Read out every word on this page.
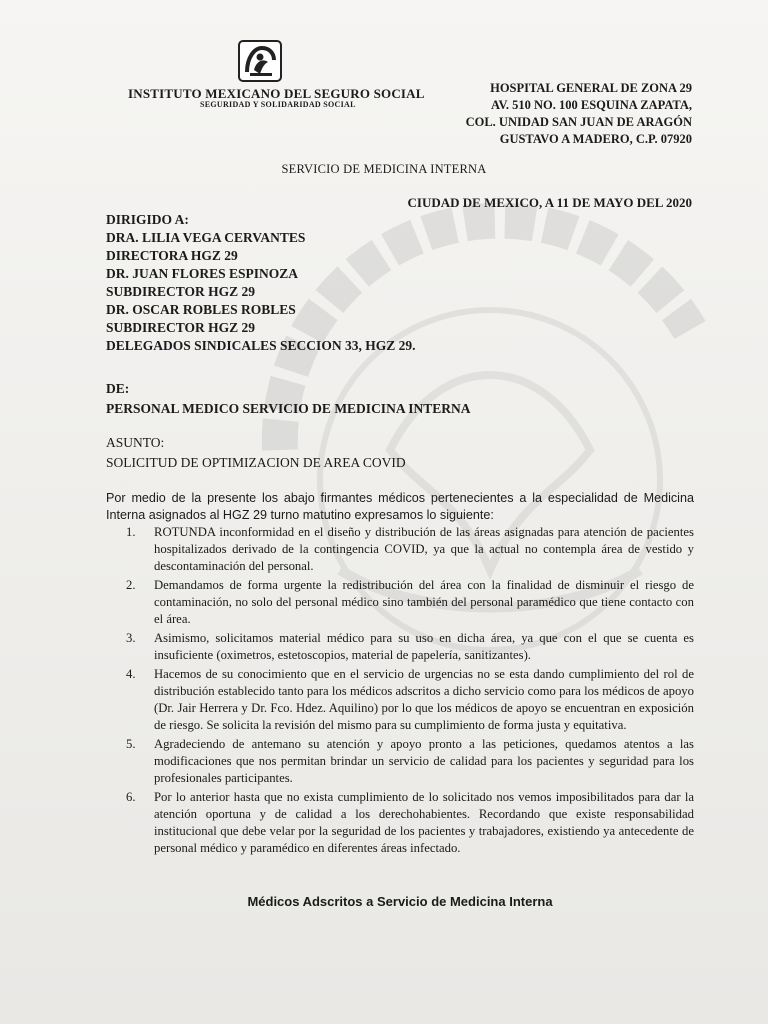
INSTITUTO MEXICANO DEL SEGURO SOCIAL
SEGURIDAD Y SOLIDARIDAD SOCIAL
HOSPITAL GENERAL DE ZONA 29
AV. 510 NO. 100 ESQUINA ZAPATA,
COL. UNIDAD SAN JUAN DE ARAGÓN
GUSTAVO A MADERO, C.P. 07920
SERVICIO DE MEDICINA INTERNA
CIUDAD DE MEXICO, A 11 DE MAYO DEL 2020
DIRIGIDO A:
DRA. LILIA VEGA CERVANTES
DIRECTORA HGZ 29
DR. JUAN FLORES ESPINOZA
SUBDIRECTOR HGZ 29
DR. OSCAR ROBLES ROBLES
SUBDIRECTOR HGZ 29
DELEGADOS SINDICALES SECCION 33, HGZ 29.
DE:
PERSONAL MEDICO SERVICIO DE MEDICINA INTERNA
ASUNTO:
SOLICITUD DE OPTIMIZACION DE AREA COVID
Por medio de la presente los abajo firmantes médicos pertenecientes a la especialidad de Medicina Interna asignados al HGZ 29 turno matutino expresamos lo siguiente:
1. ROTUNDA inconformidad en el diseño y distribución de las áreas asignadas para atención de pacientes hospitalizados derivado de la contingencia COVID, ya que la actual no contempla área de vestido y descontaminación del personal.
2. Demandamos de forma urgente la redistribución del área con la finalidad de disminuir el riesgo de contaminación, no solo del personal médico sino también del personal paramédico que tiene contacto con el área.
3. Asimismo, solicitamos material médico para su uso en dicha área, ya que con el que se cuenta es insuficiente (oximetros, estetoscopios, material de papelería, sanitizantes).
4. Hacemos de su conocimiento que en el servicio de urgencias no se esta dando cumplimiento del rol de distribución establecido tanto para los médicos adscritos a dicho servicio como para los médicos de apoyo (Dr. Jair Herrera y Dr. Fco. Hdez. Aquilino) por lo que los médicos de apoyo se encuentran en exposición de riesgo. Se solicita la revisión del mismo para su cumplimiento de forma justa y equitativa.
5. Agradeciendo de antemano su atención y apoyo pronto a las peticiones, quedamos atentos a las modificaciones que nos permitan brindar un servicio de calidad para los pacientes y seguridad para los profesionales participantes.
6. Por lo anterior hasta que no exista cumplimiento de lo solicitado nos vemos imposibilitados para dar la atención oportuna y de calidad a los derechohabientes. Recordando que existe responsabilidad institucional que debe velar por la seguridad de los pacientes y trabajadores, existiendo ya antecedente de personal médico y paramédico en diferentes áreas infectado.
Médicos Adscritos a Servicio de Medicina Interna
